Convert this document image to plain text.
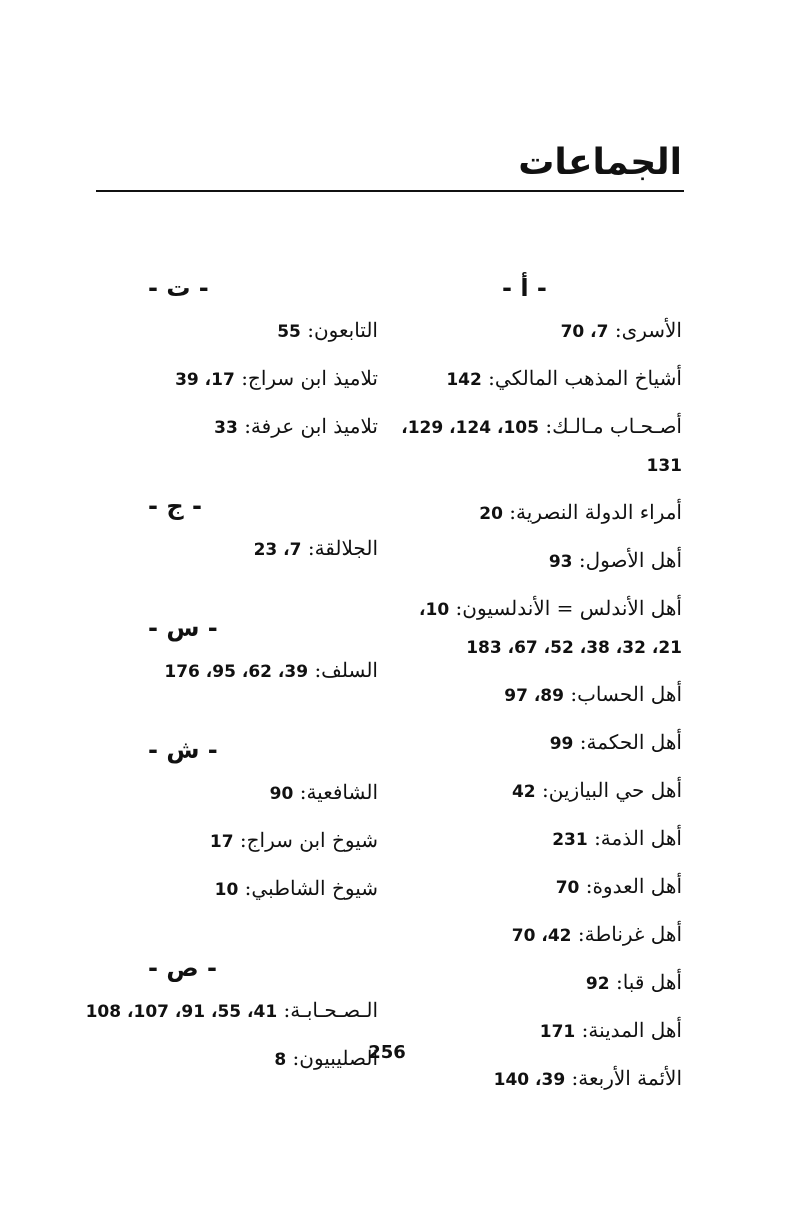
الجماعات
- أ -
الأسرى: 7، 70
أشياخ المذهب المالكي: 142
أصـحـاب مـالـك: 105، 124، 129، 131
أمراء الدولة النصرية: 20
أهل الأصول: 93
أهل الأندلس = الأندلسيون: 10، 21، 32، 38، 52، 67، 183
أهل الحساب: 89، 97
أهل الحكمة: 99
أهل حي البيازين: 42
أهل الذمة: 231
أهل العدوة: 70
أهل غرناطة: 42، 70
أهل قبا: 92
أهل المدينة: 171
الأئمة الأربعة: 39، 140
- ت -
التابعون: 55
تلاميذ ابن سراج: 17، 39
تلاميذ ابن عرفة: 33
- ج -
الجلالقة: 7، 23
- س -
السلف: 39، 62، 95، 176
- ش -
الشافعية: 90
شيوخ ابن سراج: 17
شيوخ الشاطبي: 10
- ص -
الـصـحـابـة: 41، 55، 91، 107، 108
الصليبيون: 8	256
